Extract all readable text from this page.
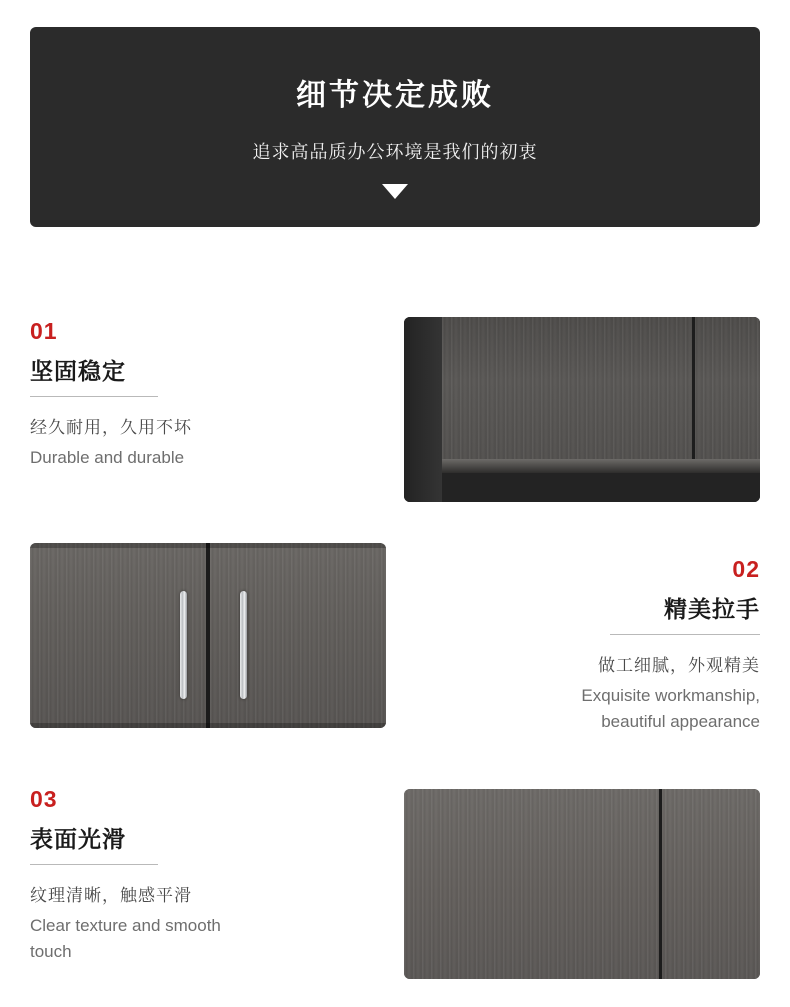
细节决定成败
追求高品质办公环境是我们的初衷
01
坚固稳定
经久耐用，久用不坏
Durable and durable
02
精美拉手
做工细腻，外观精美
Exquisite workmanship,
beautiful appearance
03
表面光滑
纹理清晰，触感平滑
Clear texture and smooth
touch
